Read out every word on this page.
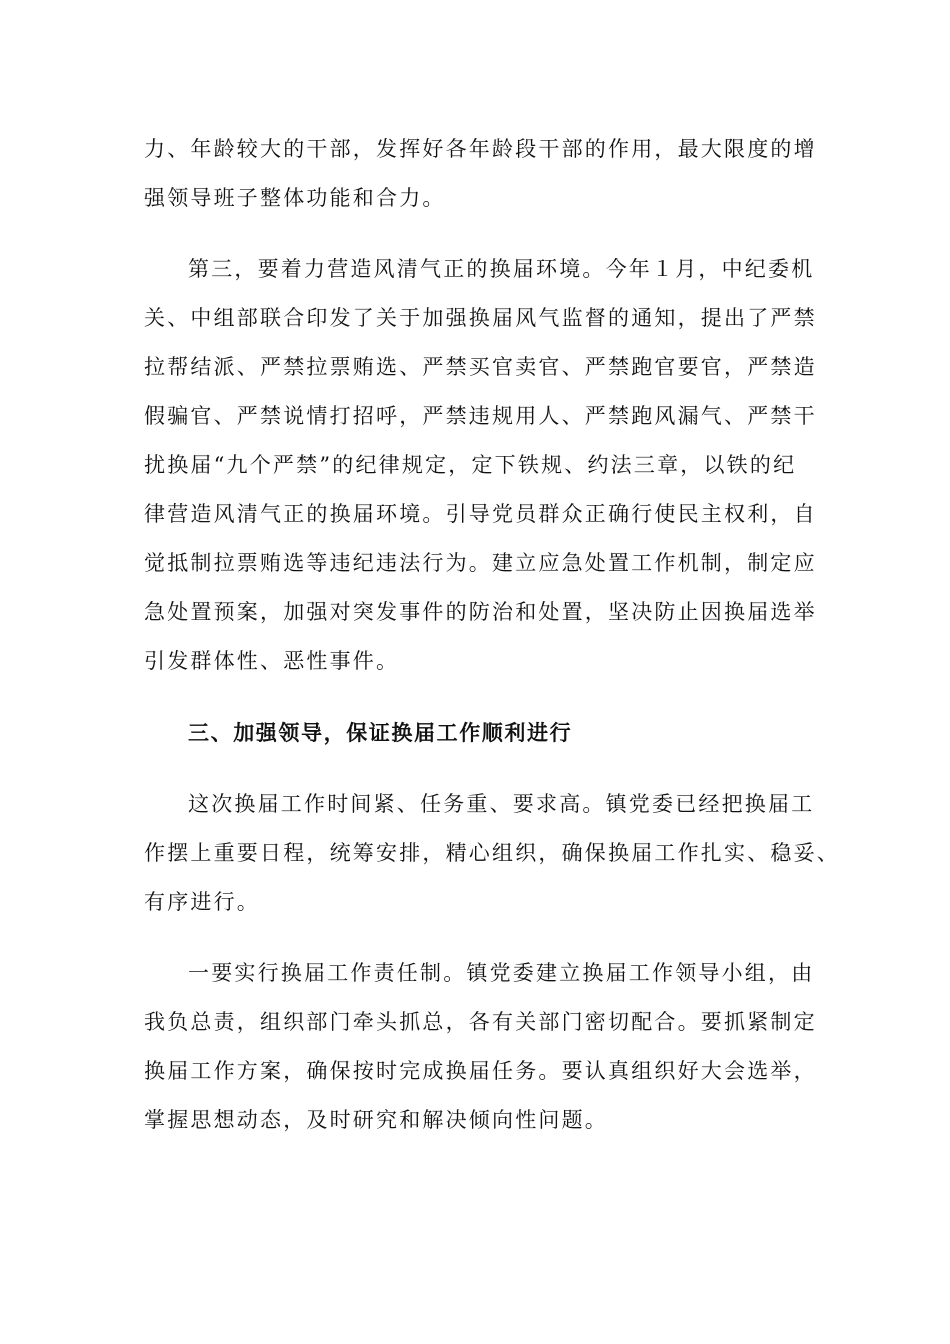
力、年龄较大的干部，发挥好各年龄段干部的作用，最大限度的增
强领导班子整体功能和合力。
第三，要着力营造风清气正的换届环境。今年１月，中纪委机
关、中组部联合印发了关于加强换届风气监督的通知，提出了严禁
拉帮结派、严禁拉票贿选、严禁买官卖官、严禁跑官要官，严禁造
假骗官、严禁说情打招呼，严禁违规用人、严禁跑风漏气、严禁干
扰换届“九个严禁”的纪律规定，定下铁规、约法三章，以铁的纪
律营造风清气正的换届环境。引导党员群众正确行使民主权利，自
觉抵制拉票贿选等违纪违法行为。建立应急处置工作机制，制定应
急处置预案，加强对突发事件的防治和处置，坚决防止因换届选举
引发群体性、恶性事件。
三、加强领导，保证换届工作顺利进行
这次换届工作时间紧、任务重、要求高。镇党委已经把换届工
作摆上重要日程，统筹安排，精心组织，确保换届工作扎实、稳妥、
有序进行。
一要实行换届工作责任制。镇党委建立换届工作领导小组，由
我负总责，组织部门牵头抓总，各有关部门密切配合。要抓紧制定
换届工作方案，确保按时完成换届任务。要认真组织好大会选举，
掌握思想动态，及时研究和解决倾向性问题。
